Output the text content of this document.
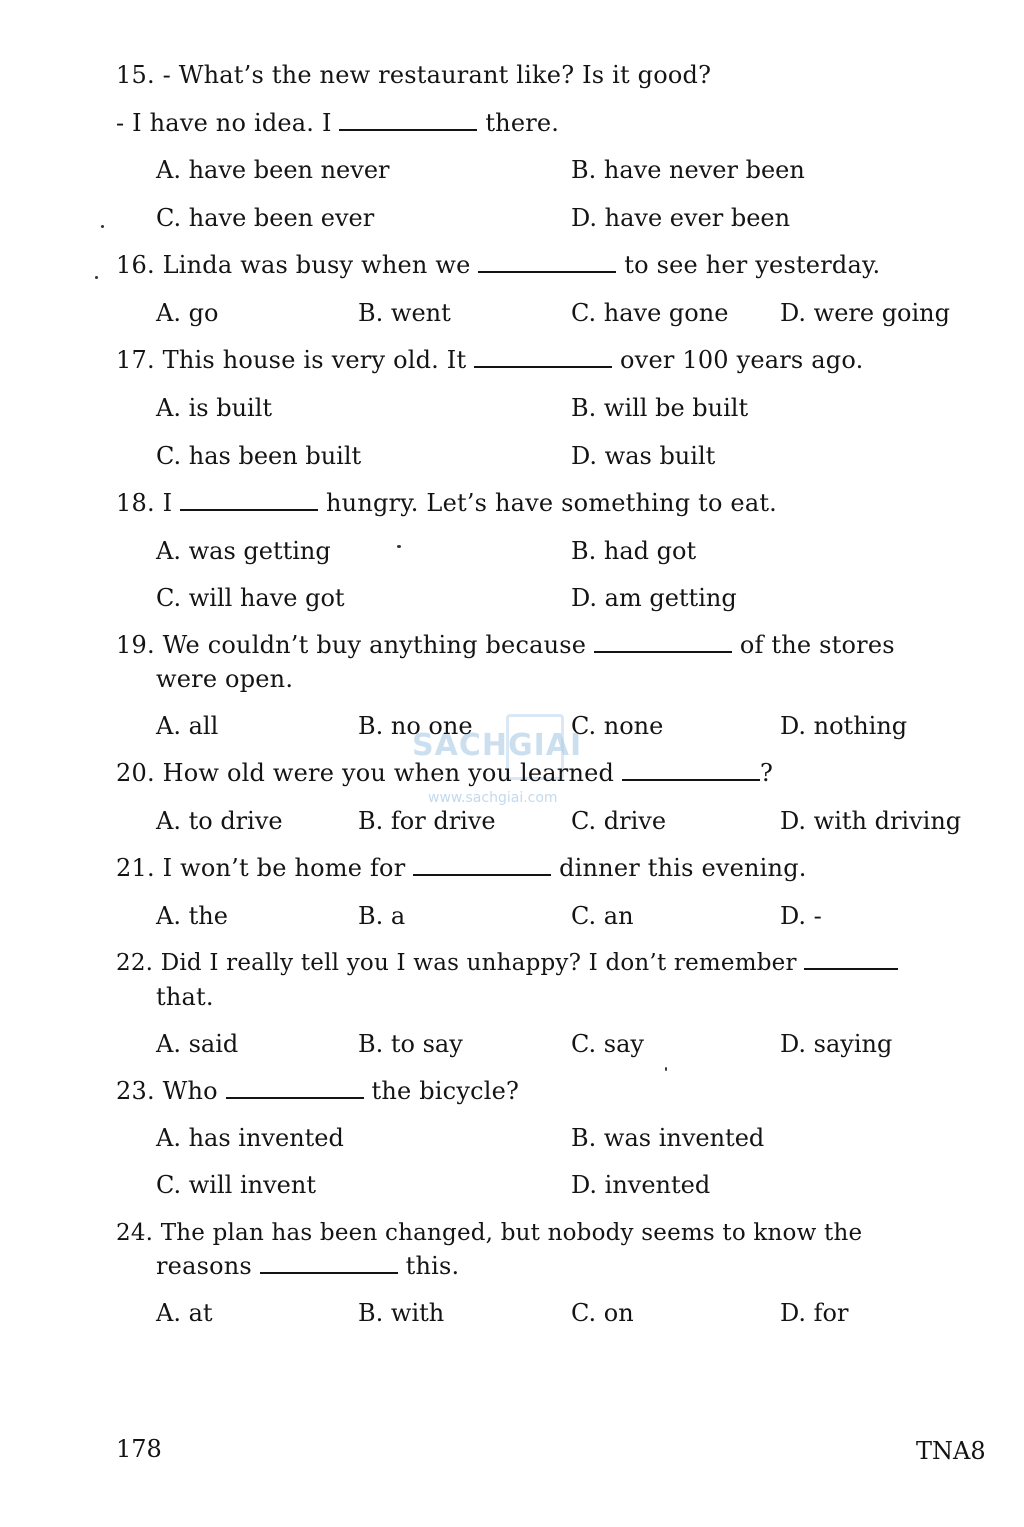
SACHGIAI
www.sachgiai.com
15. - What’s the new restaurant like? Is it good?
- I have no idea. I	there.
A. have been never	B. have never been
C. have been ever	D. have ever been
16. Linda was busy when we	to see her yesterday.
A. go	B. went	C. have gone D. were going
17. This house is very old. It	over 100 years ago.
A. is built	B. will be built
C. has been built	D. was built
18. I	hungry. Let’s have something to eat.
A. was getting	B. had got
C. will have got	D. am getting
19. We couldn’t buy anything because	of the stores
were open.
A. all	B. no one	C. none	D. nothing
20. How old were you when you learned	?
A. to drive	B. for drive	C. drive	D. with driving
21. I won’t be home for	dinner this evening.
A. the	B. a	C. an	D. -
22. Did I really tell you I was unhappy? I don’t remember
that.
A. said	B. to say	C. say	D. saying
23. Who	the bicycle?
A. has invented	B. was invented
C. will invent	D. invented
24. The plan has been changed, but nobody seems to know the
reasons	this.
A. at	B. with	C. on	D. for
178	TNA8
